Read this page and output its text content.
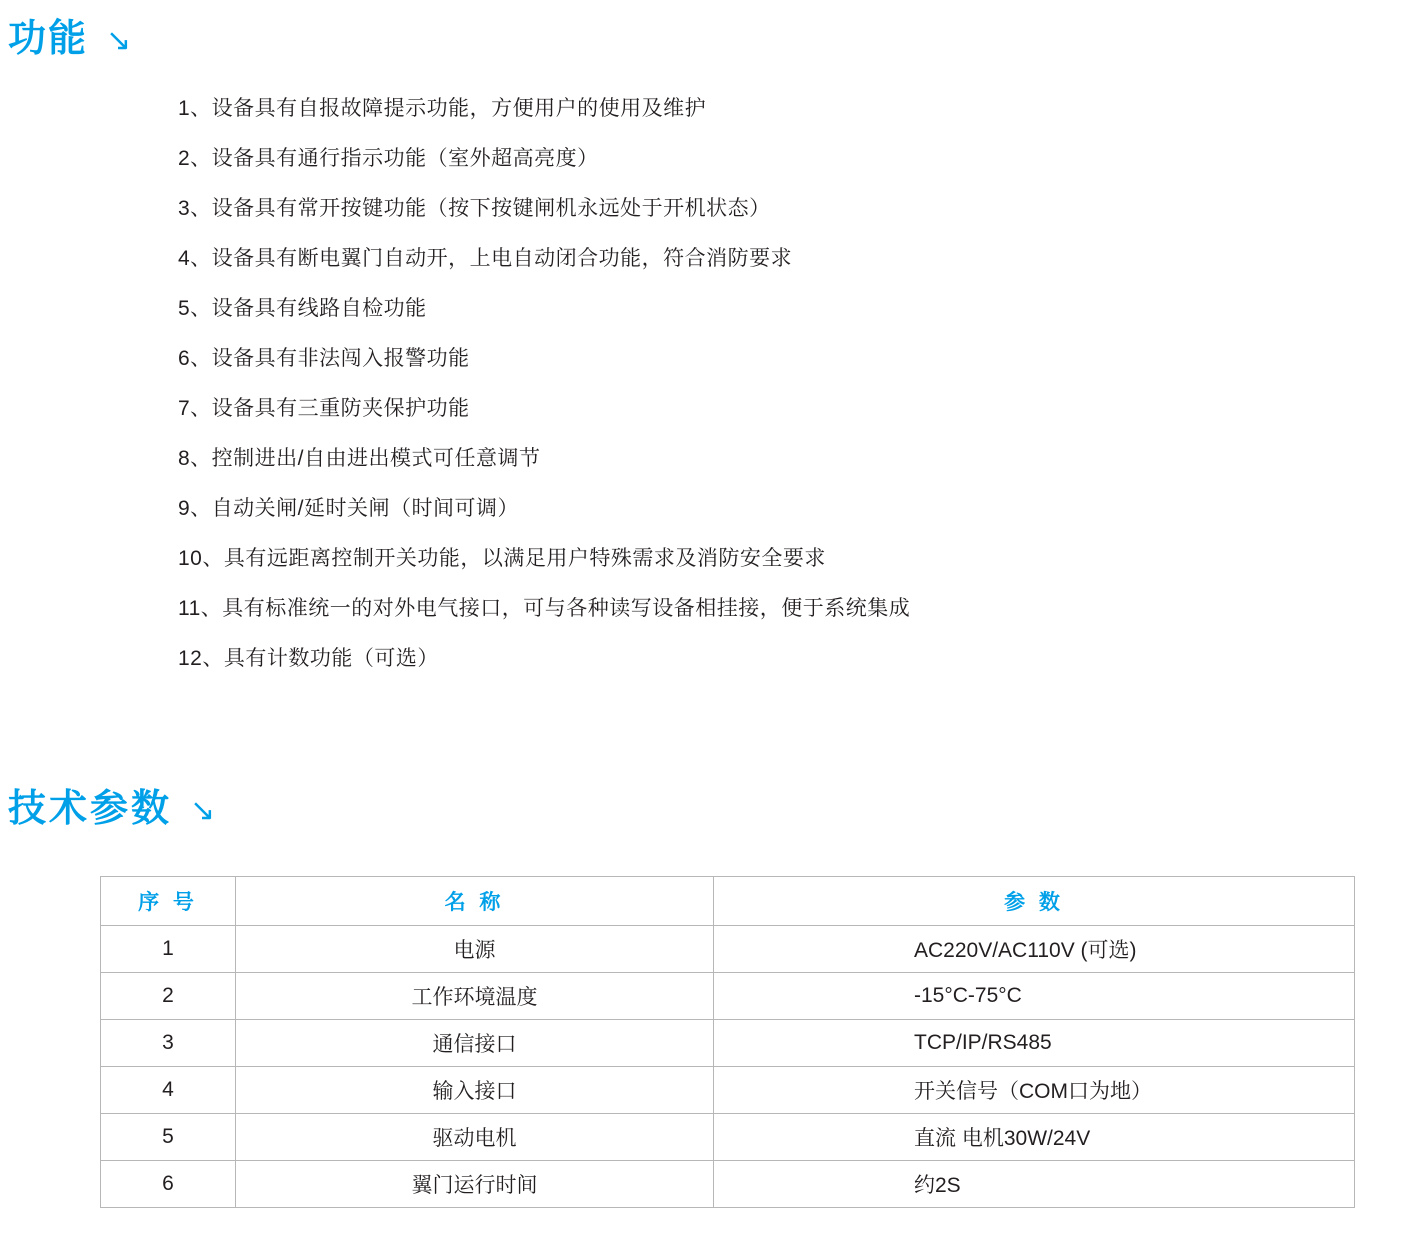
功能 ↘
1、设备具有自报故障提示功能，方便用户的使用及维护
2、设备具有通行指示功能（室外超高亮度）
3、设备具有常开按键功能（按下按键闸机永远处于开机状态）
4、设备具有断电翼门自动开，上电自动闭合功能，符合消防要求
5、设备具有线路自检功能
6、设备具有非法闯入报警功能
7、设备具有三重防夹保护功能
8、控制进出/自由进出模式可任意调节
9、自动关闸/延时关闸（时间可调）
10、具有远距离控制开关功能，以满足用户特殊需求及消防安全要求
11、具有标准统一的对外电气接口，可与各种读写设备相挂接，便于系统集成
12、具有计数功能（可选）
技术参数 ↘
序 号	名 称	参 数
1	电源	AC220V/AC110V (可选)
2	工作环境温度	-15°C-75°C
3	通信接口	TCP/IP/RS485
4	输入接口	开关信号（COM口为地）
5	驱动电机	直流 电机30W/24V
6	翼门运行时间	约2S
